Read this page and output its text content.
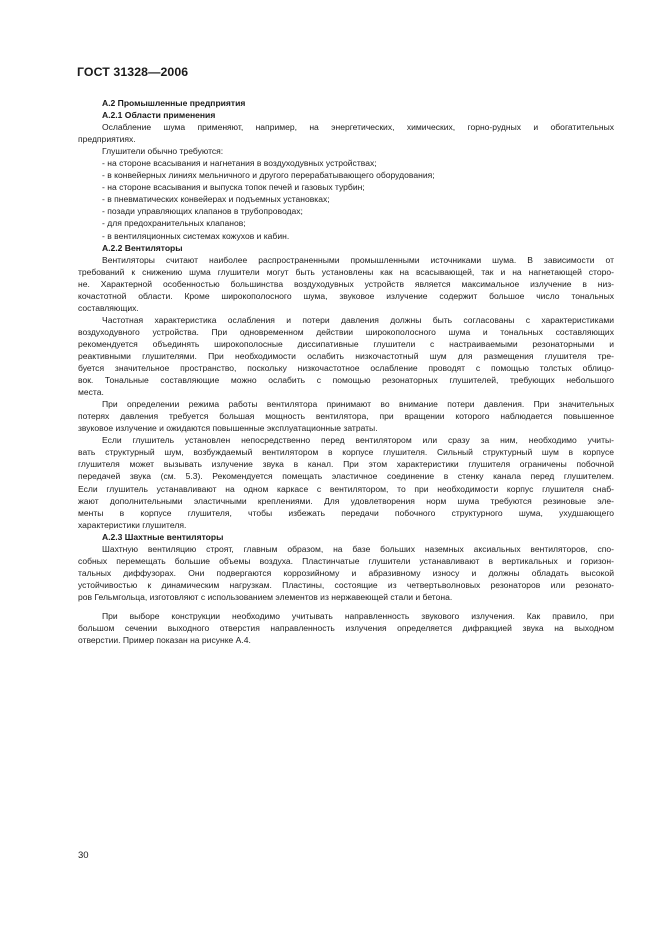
ГОСТ 31328—2006
А.2 Промышленные предприятия
А.2.1 Области применения
Ослабление шума применяют, например, на энергетических, химических, горно-рудных и обогатительных
предприятиях.
Глушители обычно требуются:
- на стороне всасывания и нагнетания в воздуходувных устройствах;
- в конвейерных линиях мельничного и другого перерабатывающего оборудования;
- на стороне всасывания и выпуска топок печей и газовых турбин;
- в пневматических конвейерах и подъемных установках;
- позади управляющих клапанов в трубопроводах;
- для предохранительных клапанов;
- в вентиляционных системах кожухов и кабин.
А.2.2 Вентиляторы
Вентиляторы считают наиболее распространенными промышленными источниками шума. В зависимости от
требований к снижению шума глушители могут быть установлены как на всасывающей, так и на нагнетающей сторо-
не. Характерной особенностью большинства воздуходувных устройств является максимальное излучение в низ-
кочастотной области. Кроме широкополосного шума, звуковое излучение содержит большое число тональных
составляющих.
Частотная характеристика ослабления и потери давления должны быть согласованы с характеристиками
воздуходувного устройства. При одновременном действии широкополосного шума и тональных составляющих
рекомендуется объединять широкополосные диссипативные глушители с настраиваемыми резонаторными и
реактивными глушителями. При необходимости ослабить низкочастотный шум для размещения глушителя тре-
буется значительное пространство, поскольку низкочастотное ослабление проводят с помощью толстых облицо-
вок. Тональные составляющие можно ослабить с помощью резонаторных глушителей, требующих небольшого
места.
При определении режима работы вентилятора принимают во внимание потери давления. При значительных
потерях давления требуется большая мощность вентилятора, при вращении которого наблюдается повышенное
звуковое излучение и ожидаются повышенные эксплуатационные затраты.
Если глушитель установлен непосредственно перед вентилятором или сразу за ним, необходимо учиты-
вать структурный шум, возбуждаемый вентилятором в корпусе глушителя. Сильный структурный шум в корпусе
глушителя может вызывать излучение звука в канал. При этом характеристики глушителя ограничены побочной
передачей звука (см. 5.3). Рекомендуется помещать эластичное соединение в стенку канала перед глушителем.
Если глушитель устанавливают на одном каркасе с вентилятором, то при необходимости корпус глушителя снаб-
жают дополнительными эластичными креплениями. Для удовлетворения норм шума требуются резиновые эле-
менты в корпусе глушителя, чтобы избежать передачи побочного структурного шума, ухудшающего
характеристики глушителя.
А.2.3 Шахтные вентиляторы
Шахтную вентиляцию строят, главным образом, на базе больших наземных аксиальных вентиляторов, спо-
собных перемещать большие объемы воздуха. Пластинчатые глушители устанавливают в вертикальных и горизон-
тальных диффузорах. Они подвергаются коррозийному и абразивному износу и должны обладать высокой
устойчивостью к динамическим нагрузкам. Пластины, состоящие из четвертьволновых резонаторов или резонато-
ров Гельмгольца, изготовляют с использованием элементов из нержавеющей стали и бетона.
При выборе конструкции необходимо учитывать направленность звукового излучения. Как правило, при
большом сечении выходного отверстия направленность излучения определяется дифракцией звука на выходном
отверстии. Пример показан на рисунке А.4.
30
